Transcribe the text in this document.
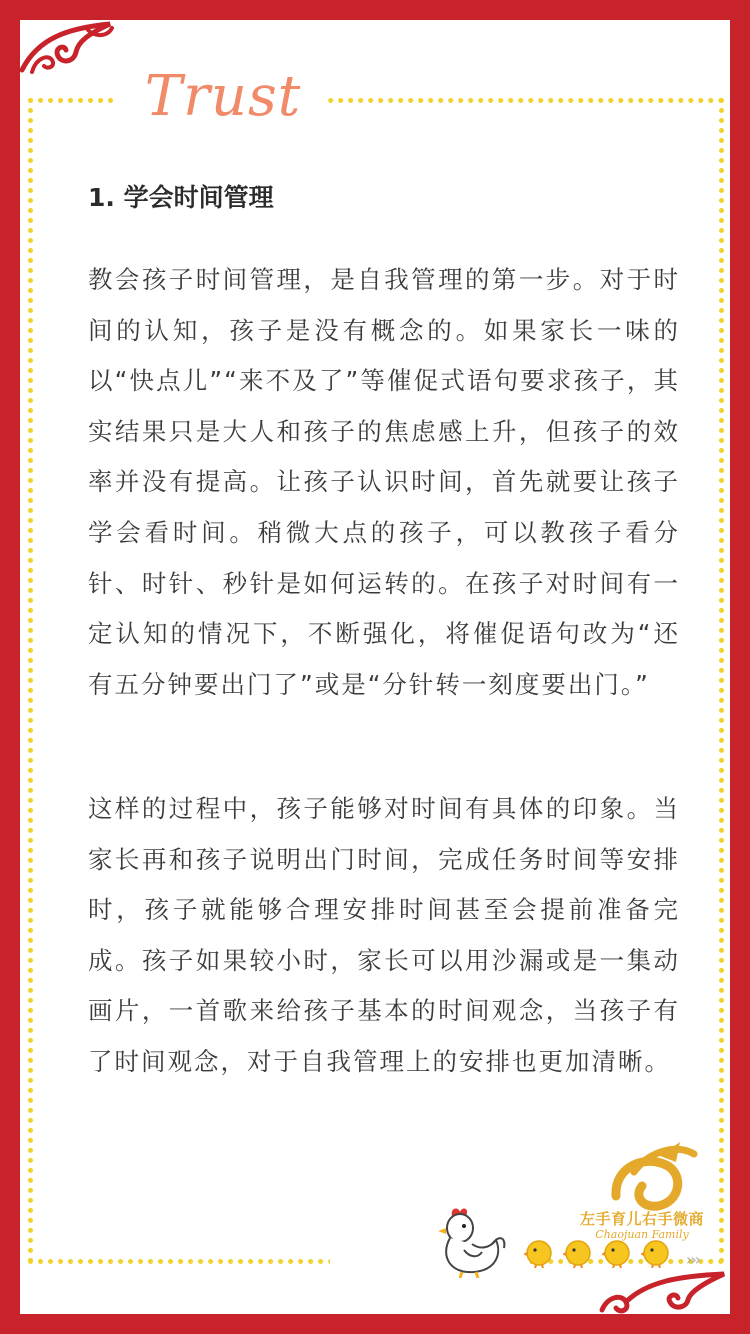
Trust
1. 学会时间管理

教会孩子时间管理，是自我管理的第一步。对于时间的认知，孩子是没有概念的。如果家长一味的以“快点儿”“来不及了”等催促式语句要求孩子，其实结果只是大人和孩子的焦虑感上升，但孩子的效率并没有提高。让孩子认识时间，首先就要让孩子学会看时间。稍微大点的孩子，可以教孩子看分针、时针、秒针是如何运转的。在孩子对时间有一定认知的情况下，不断强化，将催促语句改为“还有五分钟要出门了”或是“分针转一刻度要出门。”

这样的过程中，孩子能够对时间有具体的印象。当家长再和孩子说明出门时间，完成任务时间等安排时，孩子就能够合理安排时间甚至会提前准备完成。孩子如果较小时，家长可以用沙漏或是一集动画片，一首歌来给孩子基本的时间观念，当孩子有了时间观念，对于自我管理上的安排也更加清晰。

左手育儿右手微商
Chaojuan Family
›››
